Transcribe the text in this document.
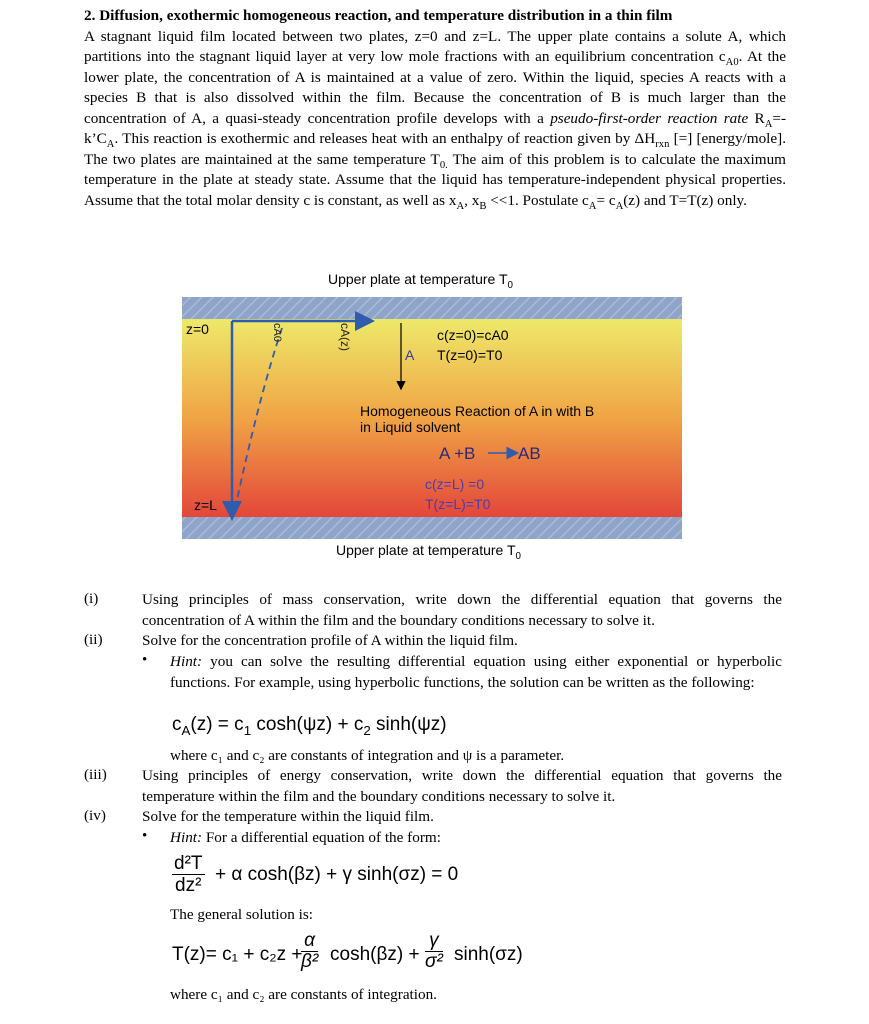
2. Diffusion, exothermic homogeneous reaction, and temperature distribution in a thin film

A stagnant liquid film located between two plates, z=0 and z=L. The upper plate contains a solute A, which partitions into the stagnant liquid layer at very low mole fractions with an equilibrium concentration $c_{A0}$. At the lower plate, the concentration of A is maintained at a value of zero. Within the liquid, species A reacts with a species B that is also dissolved within the film. Because the concentration of B is much larger than the concentration of A, a quasi-steady concentration profile develops with a pseudo-first-order reaction rate $R_A=-k’C_A$. This reaction is exothermic and releases heat with an enthalpy of reaction given by $\Delta H_{rxn}$ [=] [energy/mole]. The two plates are maintained at the same temperature $T_{0.}$ The aim of this problem is to calculate the maximum temperature in the plate at steady state. Assume that the liquid has temperature-independent physical properties. Assume that the total molar density c is constant, as well as $x_A$, $x_B <<1$. Postulate $c_A= c_A(z)$ and T=T(z) only.

Upper plate at temperature $T_0$
z=0
z=L
cA0	cA(z)
A
c(z=0)=cA0
T(z=0)=T0
Homogeneous Reaction of A in with B
in Liquid solvent
A +B	AB
c(z=L) =0
T(z=L)=T0
Upper plate at temperature $T_0$
(i)	Using principles of mass conservation, write down the differential equation that governs the concentration of A within the film and the boundary conditions necessary to solve it.
(ii)	Solve for the concentration profile of A within the liquid film.
• Hint: you can solve the resulting differential equation using either exponential or hyperbolic functions. For example, using hyperbolic functions, the solution can be written as the following:
$c_A(z) = c_1$ $\cosh(\psi z) + c_2$ sinh(ψz)
where c₁ and c₂ are constants of integration and ψ is a parameter.
(iii) Using principles of energy conservation, write down the differential equation that governs the temperature within the film and the boundary conditions necessary to solve it.
(iv) Solve for the temperature within the liquid film.
• Hint: For a differential equation of the form:
d²T
dz²
+ α cosh(βz) + γ sinh(σz) = 0
The general solution is:
T(z)= c₁ + c₂z +
α
β² cosh(βz) +
γ
σ² sinh(σz)
where c₁ and c₂ are constants of integration.
